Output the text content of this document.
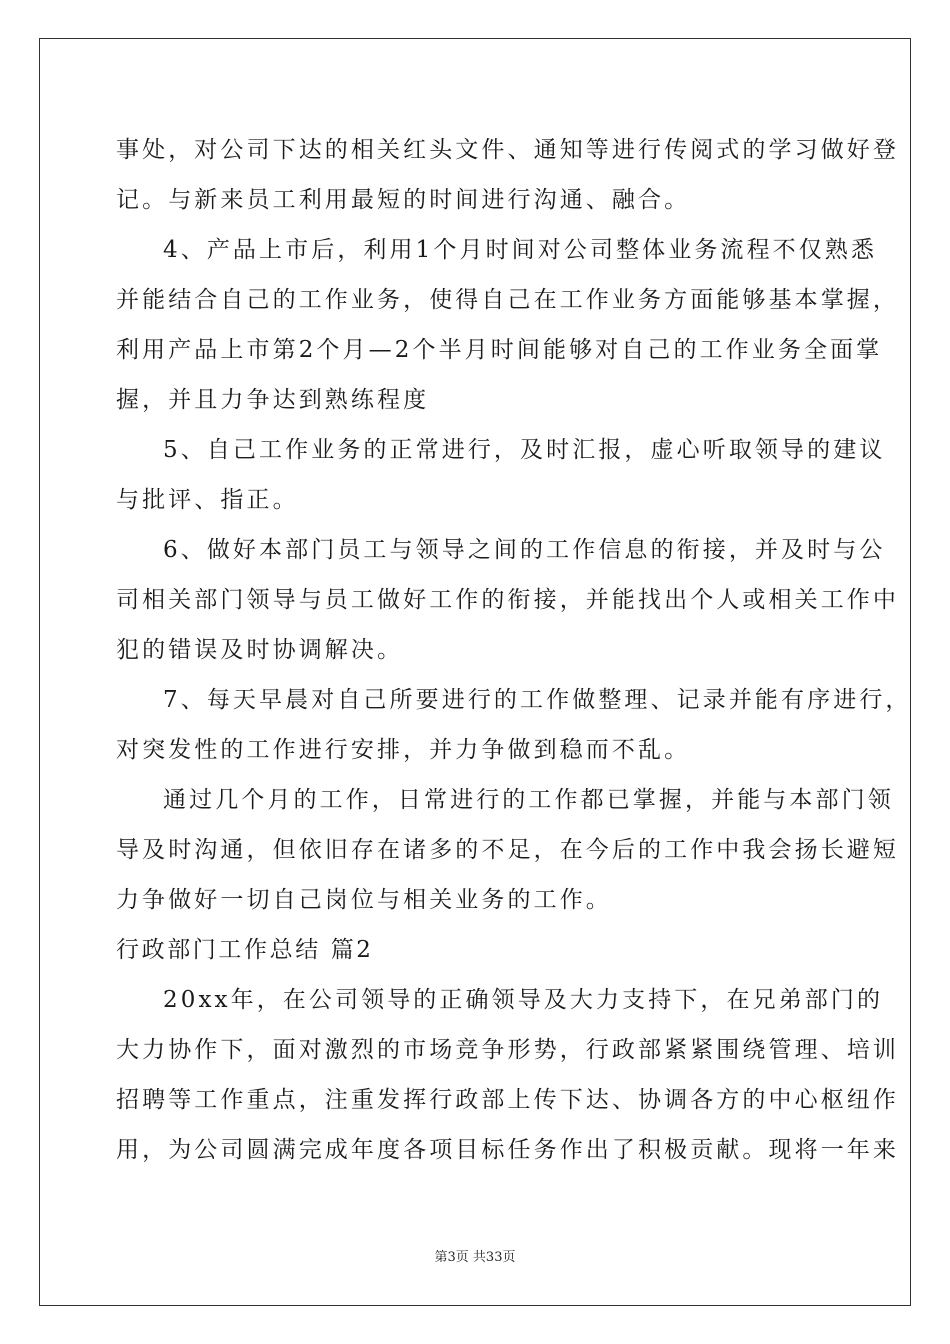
事处，对公司下达的相关红头文件、通知等进行传阅式的学习做好登
记。与新来员工利用最短的时间进行沟通、融合。
4、产品上市后，利用1个月时间对公司整体业务流程不仅熟悉
并能结合自己的工作业务，使得自己在工作业务方面能够基本掌握，
利用产品上市第2个月—2个半月时间能够对自己的工作业务全面掌
握，并且力争达到熟练程度
5、自己工作业务的正常进行，及时汇报，虚心听取领导的建议
与批评、指正。
6、做好本部门员工与领导之间的工作信息的衔接，并及时与公
司相关部门领导与员工做好工作的衔接，并能找出个人或相关工作中
犯的错误及时协调解决。
7、每天早晨对自己所要进行的工作做整理、记录并能有序进行，
对突发性的工作进行安排，并力争做到稳而不乱。
通过几个月的工作，日常进行的工作都已掌握，并能与本部门领
导及时沟通，但依旧存在诸多的不足，在今后的工作中我会扬长避短
力争做好一切自己岗位与相关业务的工作。
行政部门工作总结 篇2
20xx年，在公司领导的正确领导及大力支持下，在兄弟部门的
大力协作下，面对激烈的市场竞争形势，行政部紧紧围绕管理、培训
招聘等工作重点，注重发挥行政部上传下达、协调各方的中心枢纽作
用，为公司圆满完成年度各项目标任务作出了积极贡献。现将一年来
第3页 共33页
